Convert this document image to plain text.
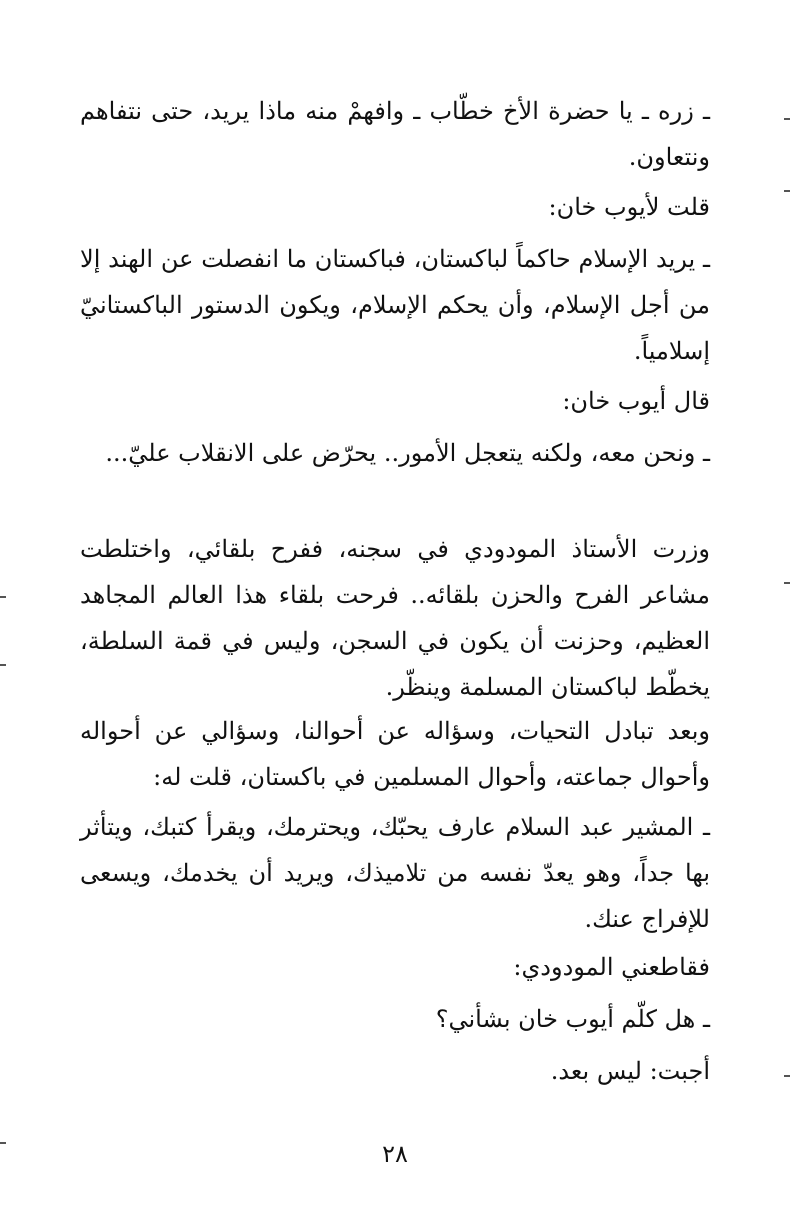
ـ زره ـ يا حضرة الأخ خطّاب ـ وافهمْ منه ماذا يريد، حتى نتفاهم ونتعاون.

قلت لأيوب خان:

ـ يريد الإسلام حاكماً لباكستان، فباكستان ما انفصلت عن الهند إلا من أجل الإسلام، وأن يحكم الإسلام، ويكون الدستور الباكستانيّ إسلامياً.

قال أيوب خان:

ـ ونحن معه، ولكنه يتعجل الأمور.. يحرّض على الانقلاب عليّ...

وزرت الأستاذ المودودي في سجنه، ففرح بلقائي، واختلطت مشاعر الفرح والحزن بلقائه.. فرحت بلقاء هذا العالم المجاهد العظيم، وحزنت أن يكون في السجن، وليس في قمة السلطة، يخطّط لباكستان المسلمة وينظّر.

وبعد تبادل التحيات، وسؤاله عن أحوالنا، وسؤالي عن أحواله وأحوال جماعته، وأحوال المسلمين في باكستان، قلت له:

ـ المشير عبد السلام عارف يحبّك، ويحترمك، ويقرأ كتبك، ويتأثر بها جداً، وهو يعدّ نفسه من تلاميذك، ويريد أن يخدمك، ويسعى للإفراج عنك.

فقاطعني المودودي:

ـ هل كلّم أيوب خان بشأني؟

أجبت: ليس بعد.

٢٨
